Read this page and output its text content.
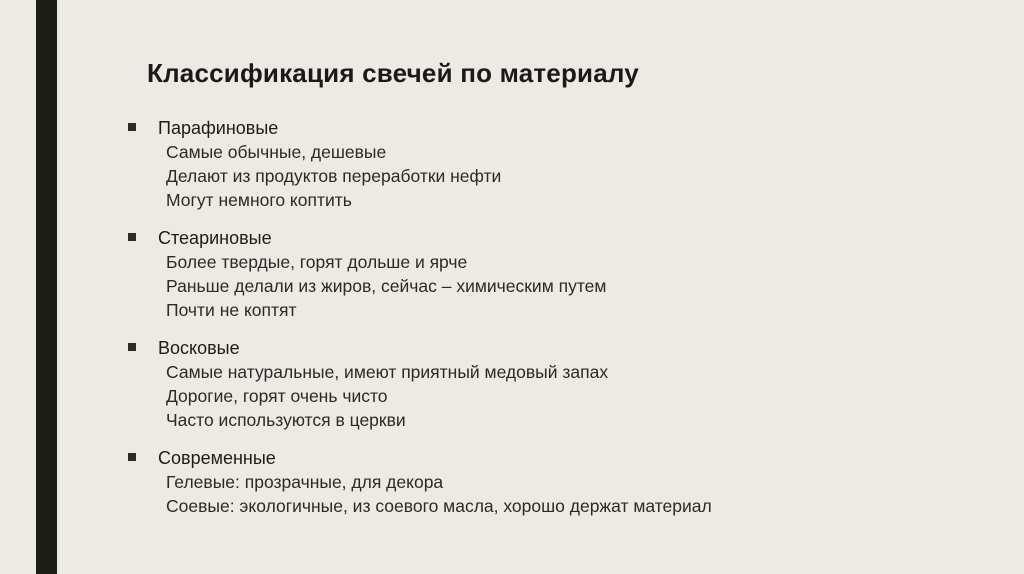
Классификация свечей по материалу
Парафиновые
Самые обычные, дешевые
Делают из продуктов переработки нефти
Могут немного коптить
Стеариновые
Более твердые, горят дольше и ярче
Раньше делали из жиров, сейчас – химическим путем
Почти не коптят
Восковые
Самые натуральные, имеют приятный медовый запах
Дорогие, горят очень чисто
Часто используются в церкви
Современные
Гелевые: прозрачные, для декора
Соевые: экологичные, из соевого масла, хорошо держат материал
